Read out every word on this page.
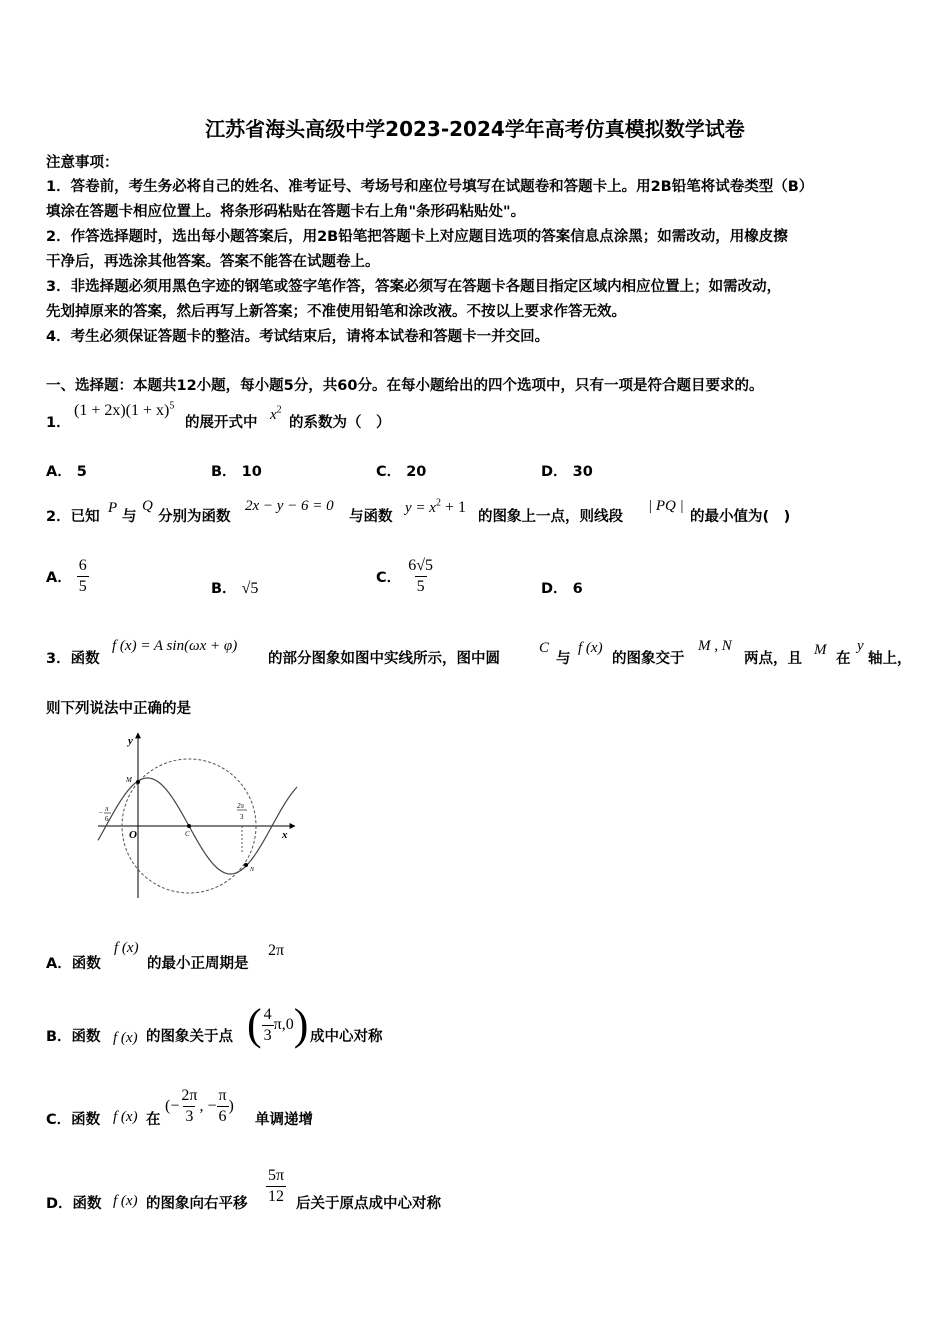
江苏省海头高级中学2023-2024学年高考仿真模拟数学试卷
注意事项：
1．答卷前，考生务必将自己的姓名、准考证号、考场号和座位号填写在试题卷和答题卡上。用2B铅笔将试卷类型（B）
填涂在答题卡相应位置上。将条形码粘贴在答题卡右上角"条形码粘贴处"。
2．作答选择题时，选出每小题答案后，用2B铅笔把答题卡上对应题目选项的答案信息点涂黑；如需改动，用橡皮擦
干净后，再选涂其他答案。答案不能答在试题卷上。
3．非选择题必须用黑色字迹的钢笔或签字笔作答，答案必须写在答题卡各题目指定区域内相应位置上；如需改动，
先划掉原来的答案，然后再写上新答案；不准使用铅笔和涂改液。不按以上要求作答无效。
4．考生必须保证答题卡的整洁。考试结束后，请将本试卷和答题卡一并交回。
一、选择题：本题共12小题，每小题5分，共60分。在每小题给出的四个选项中，只有一项是符合题目要求的。
1．
$(1 + 2x)(1 + x)^5$
的展开式中 $x^2$
的系数为（　）
A． 5	B． 10	C． 20	D． 30
2．已知
P
与
Q
分别为函数
2x − y − 6 = 0
与函数
$y = x^2 + 1$
的图象上一点，则线段
| PQ |
的最小值为(　)
A． $\frac{6}{5}$	B． √5
C． $\frac{6√5}{5}$	D． 6
3．函数
f (x) = A sin(ωx + φ)
的部分图象如图中实线所示，图中圆
C
与
f (x)
的图象交于
M , N
两点，且
M
在
y
轴上，
则下列说法中正确的是
y
x
O
M
C
N
− π
6
2π
3
A．函数
f (x)
的最小正周期是
2π
B．函数 f (x) 的图象关于点 ( $\frac{4}{3} \pi,0$) 成中心对称
C．函数 f (x) 在
(− $\frac{2\pi}{3}$ , − $\frac{\pi}{6}$ )
单调递增
D．函数 f (x) 的图象向右平移 $\frac{5\pi}{12}$ 后关于原点成中心对称
